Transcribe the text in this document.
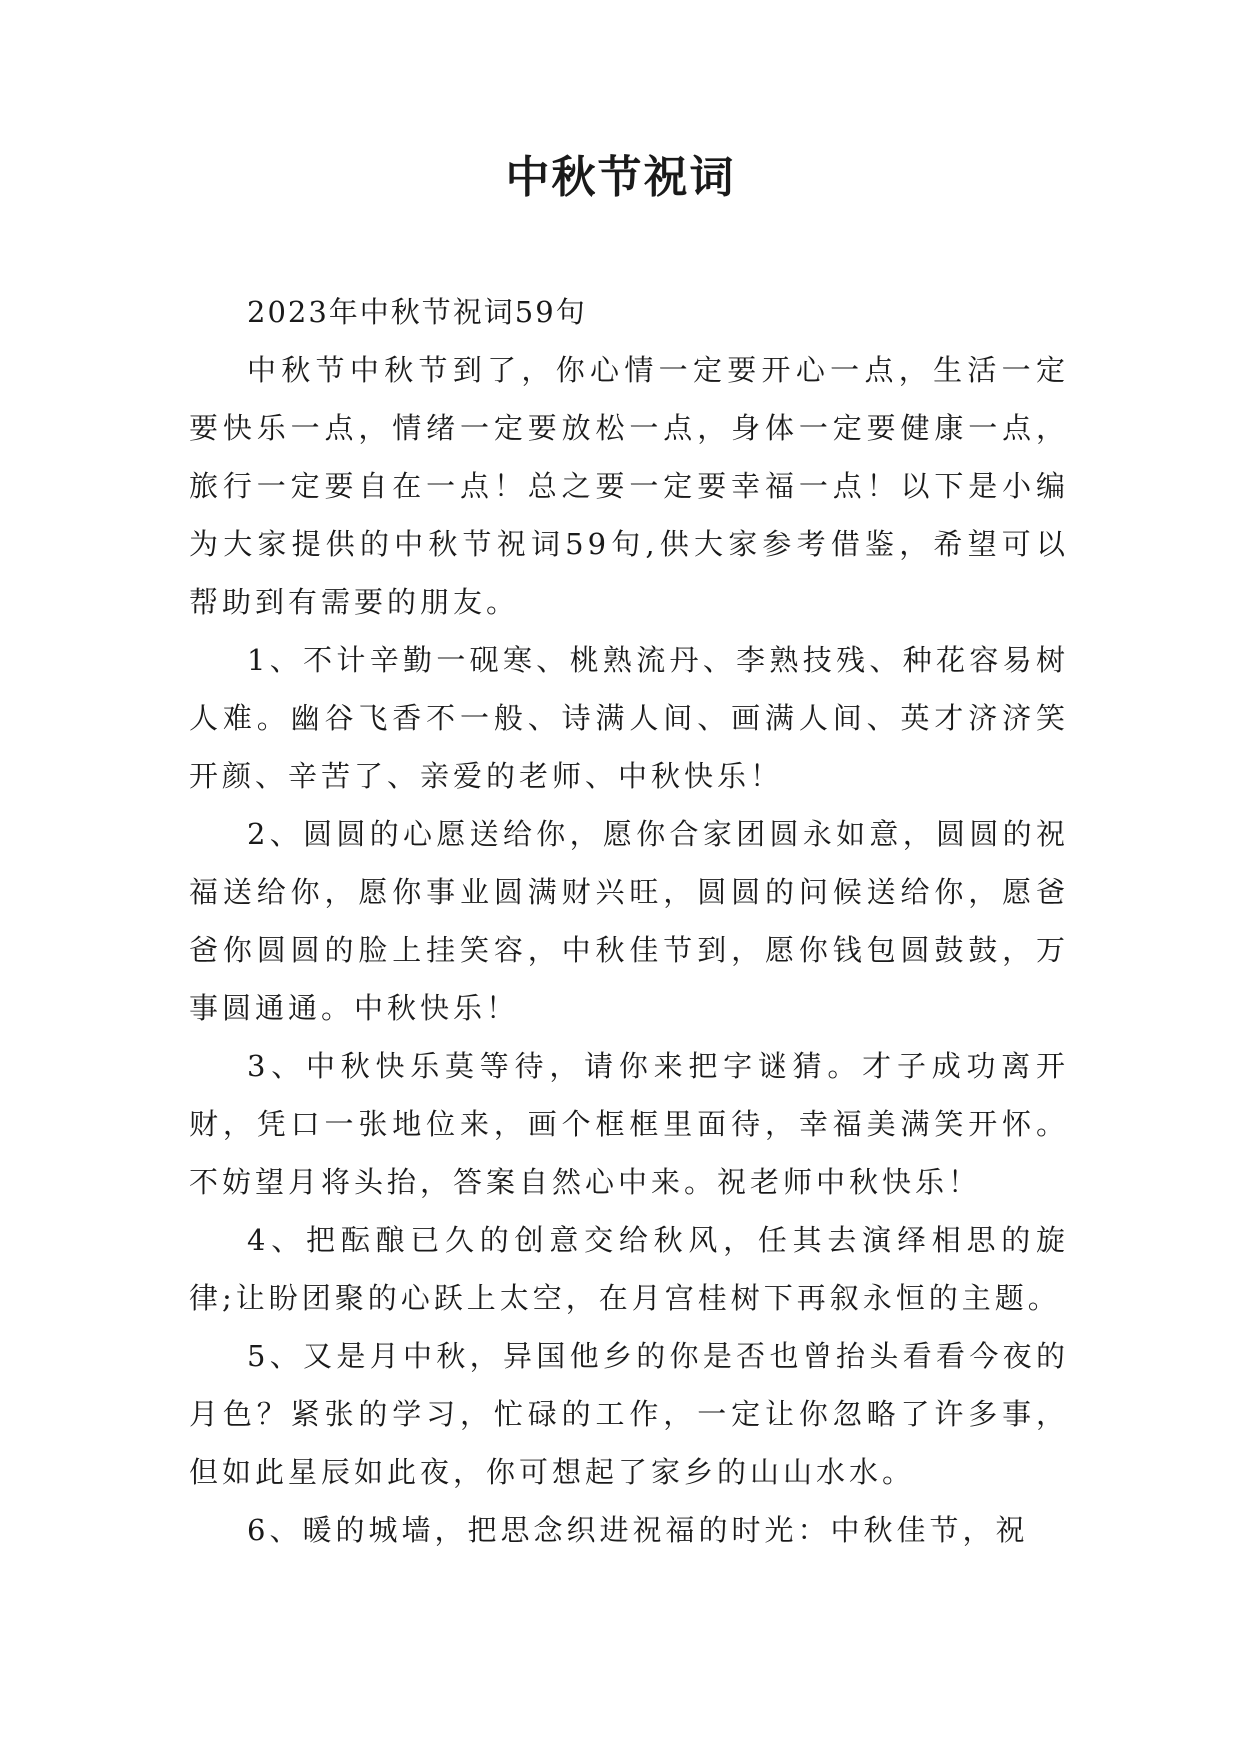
中秋节祝词

2023年中秋节祝词59句

中秋节中秋节到了，你心情一定要开心一点，生活一定要快乐一点，情绪一定要放松一点，身体一定要健康一点，旅行一定要自在一点！总之要一定要幸福一点！以下是小编为大家提供的中秋节祝词59句,供大家参考借鉴，希望可以帮助到有需要的朋友。

1、不计辛勤一砚寒、桃熟流丹、李熟技残、种花容易树人难。幽谷飞香不一般、诗满人间、画满人间、英才济济笑开颜、辛苦了、亲爱的老师、中秋快乐！

2、圆圆的心愿送给你，愿你合家团圆永如意，圆圆的祝福送给你，愿你事业圆满财兴旺，圆圆的问候送给你，愿爸爸你圆圆的脸上挂笑容，中秋佳节到，愿你钱包圆鼓鼓，万事圆通通。中秋快乐！

3、中秋快乐莫等待，请你来把字谜猜。才子成功离开财，凭口一张地位来，画个框框里面待，幸福美满笑开怀。不妨望月将头抬，答案自然心中来。祝老师中秋快乐！

4、把酝酿已久的创意交给秋风，任其去演绎相思的旋律;让盼团聚的心跃上太空，在月宫桂树下再叙永恒的主题。

5、又是月中秋，异国他乡的你是否也曾抬头看看今夜的月色？紧张的学习，忙碌的工作，一定让你忽略了许多事，但如此星辰如此夜，你可想起了家乡的山山水水。

6、暖的城墙，把思念织进祝福的时光：中秋佳节，祝
